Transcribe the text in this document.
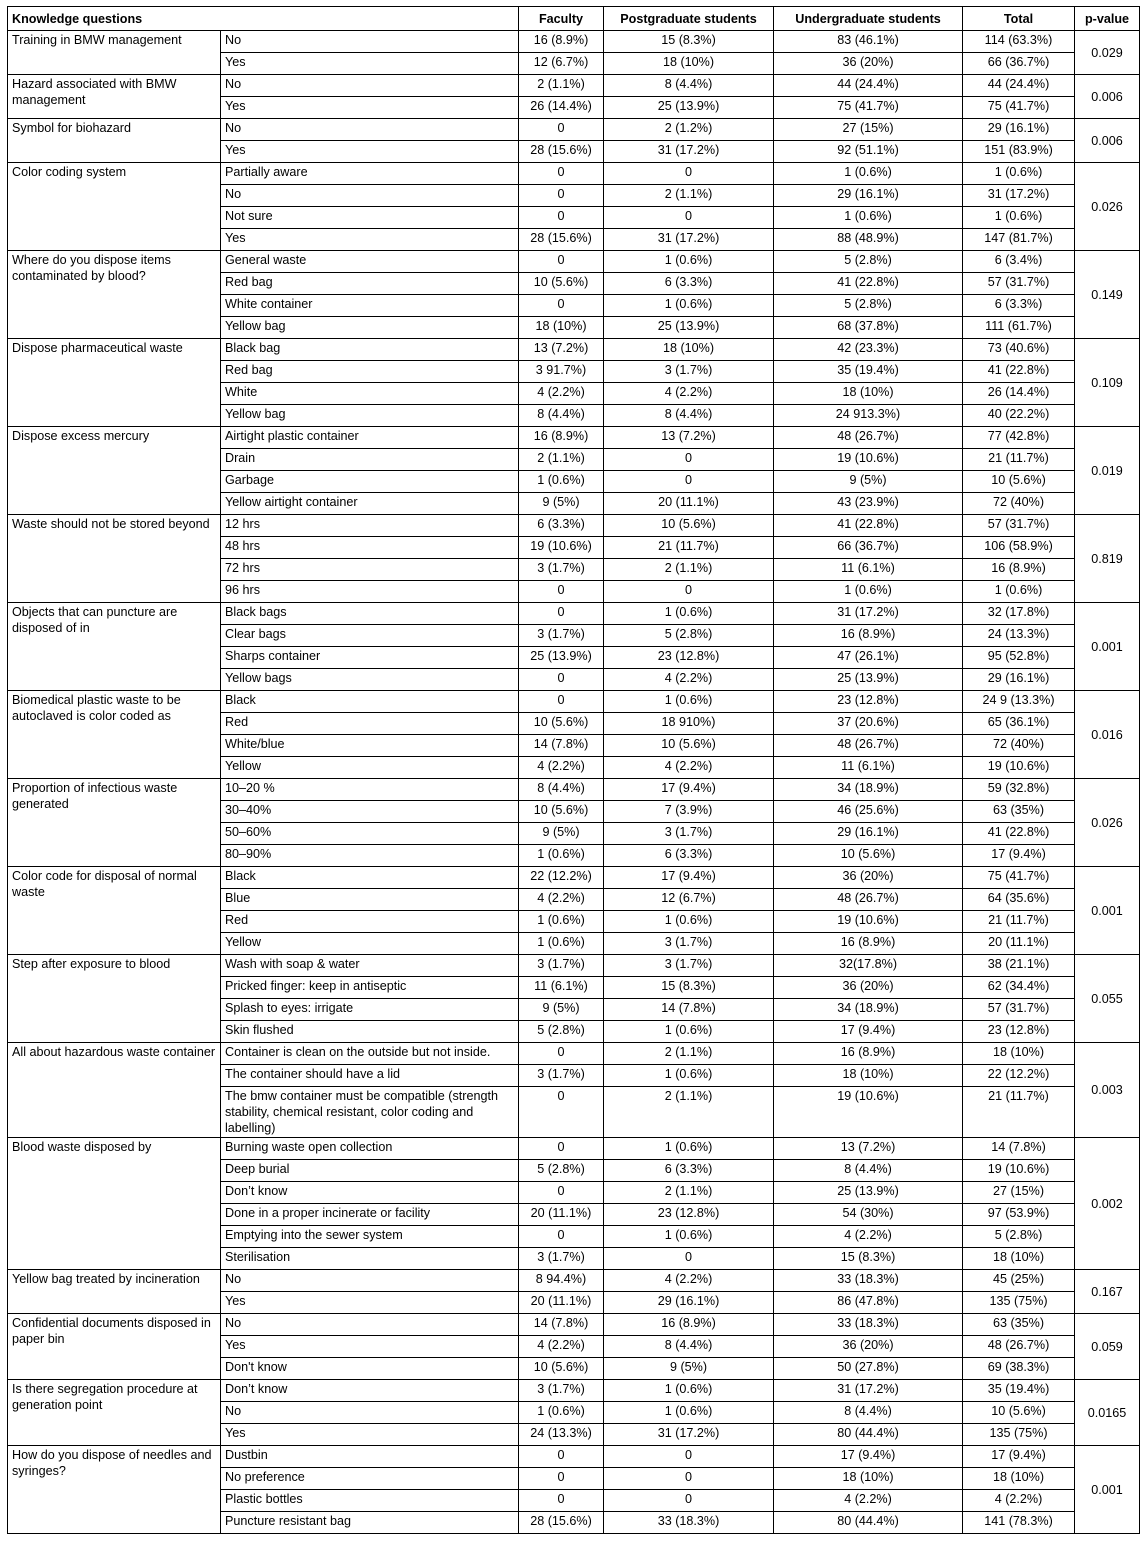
Knowledge questions		Faculty	Postgraduate students	Undergraduate students	Total	p-value
Training in BMW management	No	16 (8.9%)	15 (8.3%)	83 (46.1%)	114 (63.3%)	0.029
	Yes	12 (6.7%)	18 (10%)	36 (20%)	66 (36.7%)	
Hazard associated with BMW management	No	2 (1.1%)	8 (4.4%)	44 (24.4%)	44 (24.4%)	0.006
	Yes	26 (14.4%)	25 (13.9%)	75 (41.7%)	75 (41.7%)	
Symbol for biohazard	No	0	2 (1.2%)	27 (15%)	29 (16.1%)	0.006
	Yes	28 (15.6%)	31 (17.2%)	92 (51.1%)	151 (83.9%)	
Color coding system	Partially aware	0	0	1 (0.6%)	1 (0.6%)	0.026
	No	0	2 (1.1%)	29 (16.1%)	31 (17.2%)	
	Not sure	0	0	1 (0.6%)	1 (0.6%)	
	Yes	28 (15.6%)	31 (17.2%)	88 (48.9%)	147 (81.7%)	
Where do you dispose items contaminated by blood?	General waste	0	1 (0.6%)	5 (2.8%)	6 (3.4%)	0.149
	Red bag	10 (5.6%)	6 (3.3%)	41 (22.8%)	57 (31.7%)	
	White container	0	1 (0.6%)	5 (2.8%)	6 (3.3%)	
	Yellow bag	18 (10%)	25 (13.9%)	68 (37.8%)	111 (61.7%)	
Dispose pharmaceutical waste	Black bag	13 (7.2%)	18 (10%)	42 (23.3%)	73 (40.6%)	0.109
	Red bag	3 91.7%)	3 (1.7%)	35 (19.4%)	41 (22.8%)	
	White	4 (2.2%)	4 (2.2%)	18 (10%)	26 (14.4%)	
	Yellow bag	8 (4.4%)	8 (4.4%)	24 913.3%)	40 (22.2%)	
Dispose excess mercury	Airtight plastic container	16 (8.9%)	13 (7.2%)	48 (26.7%)	77 (42.8%)	0.019
	Drain	2 (1.1%)	0	19 (10.6%)	21 (11.7%)	
	Garbage	1 (0.6%)	0	9 (5%)	10 (5.6%)	
	Yellow airtight container	9 (5%)	20 (11.1%)	43 (23.9%)	72 (40%)	
Waste should not be stored beyond	12 hrs	6 (3.3%)	10 (5.6%)	41 (22.8%)	57 (31.7%)	0.819
	48 hrs	19 (10.6%)	21 (11.7%)	66 (36.7%)	106 (58.9%)	
	72 hrs	3 (1.7%)	2 (1.1%)	11 (6.1%)	16 (8.9%)	
	96 hrs	0	0	1 (0.6%)	1 (0.6%)	
Objects that can puncture are disposed of in	Black bags	0	1 (0.6%)	31 (17.2%)	32 (17.8%)	0.001
	Clear bags	3 (1.7%)	5 (2.8%)	16 (8.9%)	24 (13.3%)	
	Sharps container	25 (13.9%)	23 (12.8%)	47 (26.1%)	95 (52.8%)	
	Yellow bags	0	4 (2.2%)	25 (13.9%)	29 (16.1%)	
Biomedical plastic waste to be autoclaved is color coded as	Black	0	1 (0.6%)	23 (12.8%)	24 9 (13.3%)	0.016
	Red	10 (5.6%)	18 910%)	37 (20.6%)	65 (36.1%)	
	White/blue	14 (7.8%)	10 (5.6%)	48 (26.7%)	72 (40%)	
	Yellow	4 (2.2%)	4 (2.2%)	11 (6.1%)	19 (10.6%)	
Proportion of infectious waste generated	10–20 %	8 (4.4%)	17 (9.4%)	34 (18.9%)	59 (32.8%)	0.026
	30–40%	10 (5.6%)	7 (3.9%)	46 (25.6%)	63 (35%)	
	50–60%	9 (5%)	3 (1.7%)	29 (16.1%)	41 (22.8%)	
	80–90%	1 (0.6%)	6 (3.3%)	10 (5.6%)	17 (9.4%)	
Color code for disposal of normal waste	Black	22 (12.2%)	17 (9.4%)	36 (20%)	75 (41.7%)	0.001
	Blue	4 (2.2%)	12 (6.7%)	48 (26.7%)	64 (35.6%)	
	Red	1 (0.6%)	1 (0.6%)	19 (10.6%)	21 (11.7%)	
	Yellow	1 (0.6%)	3 (1.7%)	16 (8.9%)	20 (11.1%)	
Step after exposure to blood	Wash with soap & water	3 (1.7%)	3 (1.7%)	32(17.8%)	38 (21.1%)	0.055
	Pricked finger: keep in antiseptic	11 (6.1%)	15 (8.3%)	36 (20%)	62 (34.4%)	
	Splash to eyes: irrigate	9 (5%)	14 (7.8%)	34 (18.9%)	57 (31.7%)	
	Skin flushed	5 (2.8%)	1 (0.6%)	17 (9.4%)	23 (12.8%)	
All about hazardous waste container	Container is clean on the outside but not inside.	0	2 (1.1%)	16 (8.9%)	18 (10%)	0.003
	The container should have a lid	3 (1.7%)	1 (0.6%)	18 (10%)	22 (12.2%)	
	The bmw container must be compatible (strength stability, chemical resistant, color coding and labelling)	0	2 (1.1%)	19 (10.6%)	21 (11.7%)	
Blood waste disposed by	Burning waste open collection	0	1 (0.6%)	13 (7.2%)	14 (7.8%)	0.002
	Deep burial	5 (2.8%)	6 (3.3%)	8 (4.4%)	19 (10.6%)	
	Don’t know	0	2 (1.1%)	25 (13.9%)	27 (15%)	
	Done in a proper incinerate or facility	20 (11.1%)	23 (12.8%)	54 (30%)	97 (53.9%)	
	Emptying into the sewer system	0	1 (0.6%)	4 (2.2%)	5 (2.8%)	
	Sterilisation	3 (1.7%)	0	15 (8.3%)	18 (10%)	
Yellow bag treated by incineration	No	8 94.4%)	4 (2.2%)	33 (18.3%)	45 (25%)	0.167
	Yes	20 (11.1%)	29 (16.1%)	86 (47.8%)	135 (75%)	
Confidential documents disposed in paper bin	No	14 (7.8%)	16 (8.9%)	33 (18.3%)	63 (35%)	0.059
	Yes	4 (2.2%)	8 (4.4%)	36 (20%)	48 (26.7%)	
	Don't know	10 (5.6%)	9 (5%)	50 (27.8%)	69 (38.3%)	
Is there segregation procedure at generation point	Don’t know	3 (1.7%)	1 (0.6%)	31 (17.2%)	35 (19.4%)	0.0165
	No	1 (0.6%)	1 (0.6%)	8 (4.4%)	10 (5.6%)	
	Yes	24 (13.3%)	31 (17.2%)	80 (44.4%)	135 (75%)	
How do you dispose of needles and syringes?	Dustbin	0	0	17 (9.4%)	17 (9.4%)	0.001
	No preference	0	0	18 (10%)	18 (10%)	
	Plastic bottles	0	0	4 (2.2%)	4 (2.2%)	
	Puncture resistant bag	28 (15.6%)	33 (18.3%)	80 (44.4%)	141 (78.3%)	
